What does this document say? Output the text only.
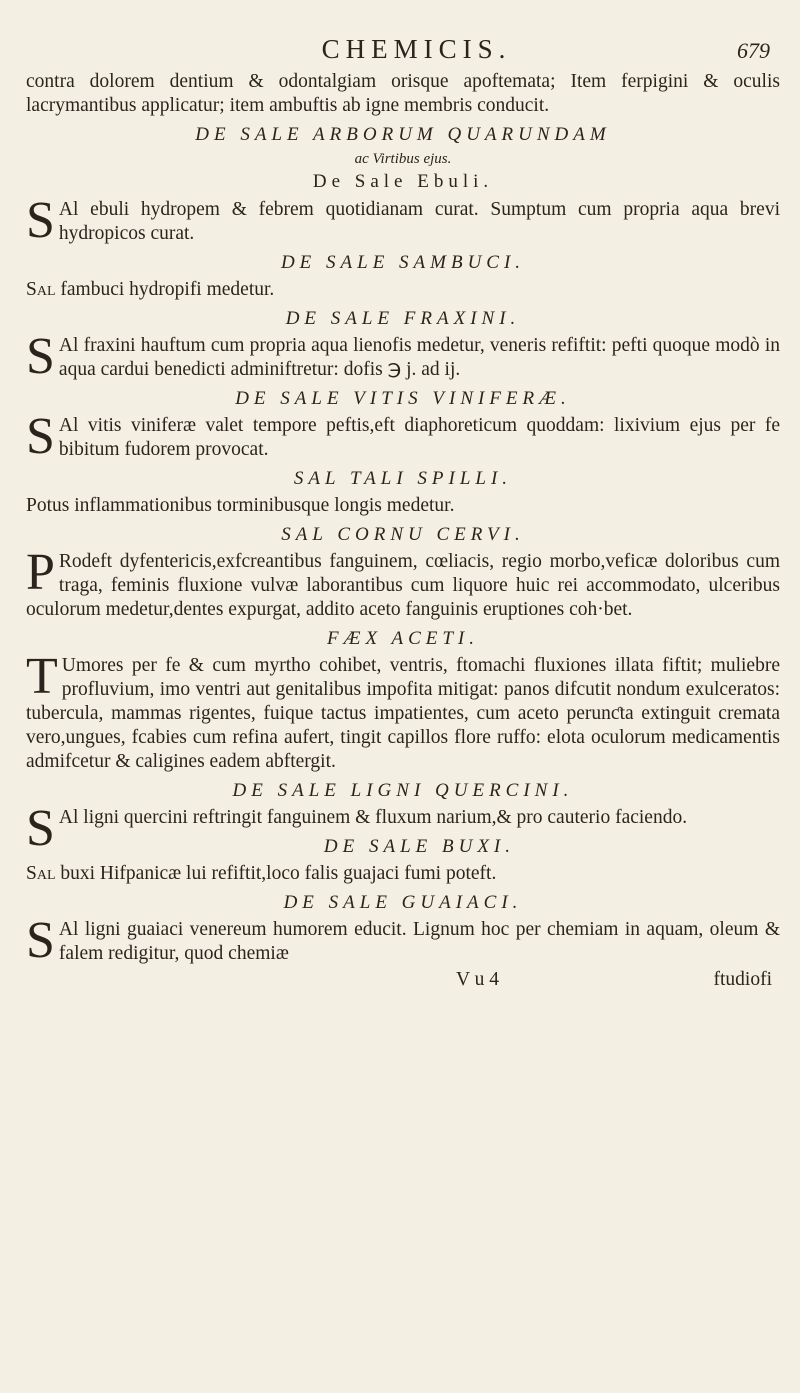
CHEMICIS.	679

contra dolorem dentium & odontalgiam orisque apoftemata; Item ferpigini & oculis lacrymantibus applicatur; item ambuftis ab igne membris conducit.

DE SALE ARBORUM QUARUNDAM
ac Virtibus ejus.
De Sale Ebuli.

S Al ebuli hydropem & febrem quotidianam curat. Sumptum cum propria aqua brevi hydropicos curat.

DE SALE SAMBUCI.

Sal fambuci hydropifi medetur.

DE SALE FRAXINI.

S Al fraxini hauftum cum propria aqua lienofis medetur, veneris refiftit: pefti quoque modò in aqua cardui benedicti adminiftretur: dofis ℈ j. ad ij.

DE SALE VITIS VINIFERÆ.

S Al vitis viniferæ valet tempore peftis,eft diaphoreticum quoddam: lixivium ejus per fe bibitum fudorem provocat.

SAL TALI SPILLI.

Potus inflammationibus torminibusque longis medetur.

SAL CORNU CERVI.

P Rodeft dyfentericis,exfcreantibus fanguinem, cœliacis, regio morbo,veficæ doloribus cum traga, feminis fluxione vulvæ laborantibus cum liquore huic rei accommodato, ulceribus oculorum medetur,dentes expurgat, addito aceto fanguinis eruptiones coh·bet.

FÆX ACETI.

T Umores per fe & cum myrtho cohibet, ventris, ftomachi fluxiones illata fiftit; muliebre profluvium, imo ventri aut genitalibus impofita mitigat: panos difcutit nondum exulceratos: tubercula, mammas rigentes, fuique tactus impatientes, cum aceto perunƈta extinguit cremata vero,ungues, fcabies cum refina aufert, tingit capillos flore ruffo: elota oculorum medicamentis admifcetur & caligines eadem abftergit.

DE SALE LIGNI QUERCINI.

S Al ligni quercini reftringit fanguinem & fluxum narium,& pro cauterio faciendo.

DE SALE BUXI.

Sal buxi Hifpanicæ lui refiftit,loco falis guajaci fumi poteft.

DE SALE GUAIACI.

S Al ligni guaiaci venereum humorem educit. Lignum hoc per chemiam in aquam, oleum & falem redigitur, quod chemiæ

V u 4	ftudiofi
